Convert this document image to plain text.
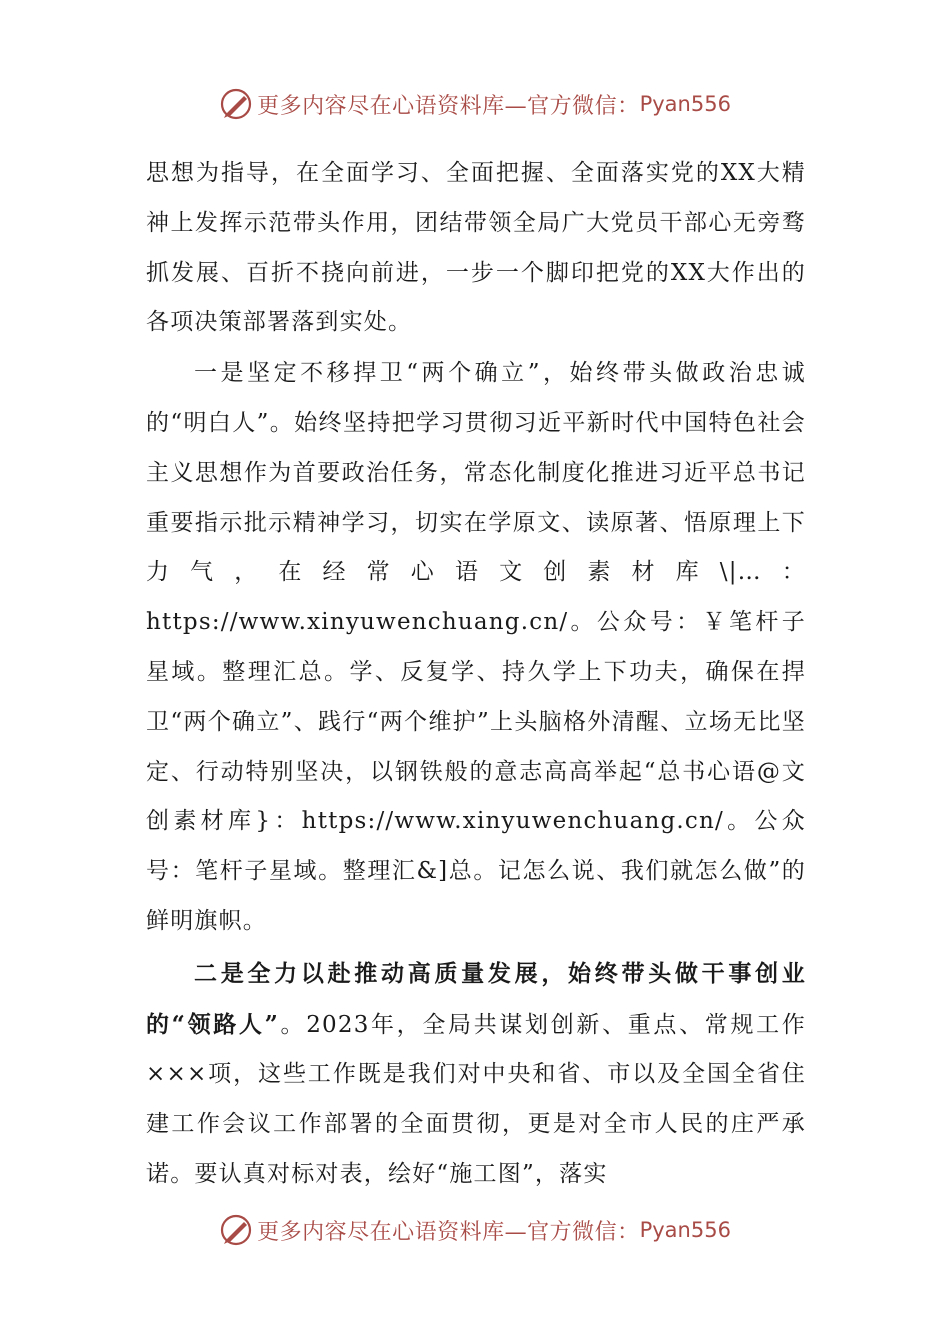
更多内容尽在心语资料库—官方微信： Pyan556

思想为指导，在全面学习、全面把握、全面落实党的XX大精神上发挥示范带头作用，团结带领全局广大党员干部心无旁骛抓发展、百折不挠向前进，一步一个脚印把党的XX大作出的各项决策部署落到实处。

一是坚定不移捍卫“两个确立”，始终带头做政治忠诚的“明白人”。始终坚持把学习贯彻习近平新时代中国特色社会主义思想作为首要政治任务，常态化制度化推进习近平总书记重要指示批示精神学习，切实在学原文、读原著、悟原理上下力气，在经常心语文创素材库\|…：https://www.xinyuwenchuang.cn/。公众号：￥笔杆子星域。整理汇总。学、反复学、持久学上下功夫，确保在捍卫“两个确立”、践行“两个维护”上头脑格外清醒、立场无比坚定、行动特别坚决，以钢铁般的意志高高举起“总书心语@文创素材库}：https://www.xinyuwenchuang.cn/。公众号：笔杆子星域。整理汇&]总。记怎么说、我们就怎么做”的鲜明旗帜。

二是全力以赴推动高质量发展，始终带头做干事创业的“领路人”。2023年，全局共谋划创新、重点、常规工作×××项，这些工作既是我们对中央和省、市以及全国全省住建工作会议工作部署的全面贯彻，更是对全市人民的庄严承诺。要认真对标对表，绘好“施工图”，落实

更多内容尽在心语资料库—官方微信： Pyan556
